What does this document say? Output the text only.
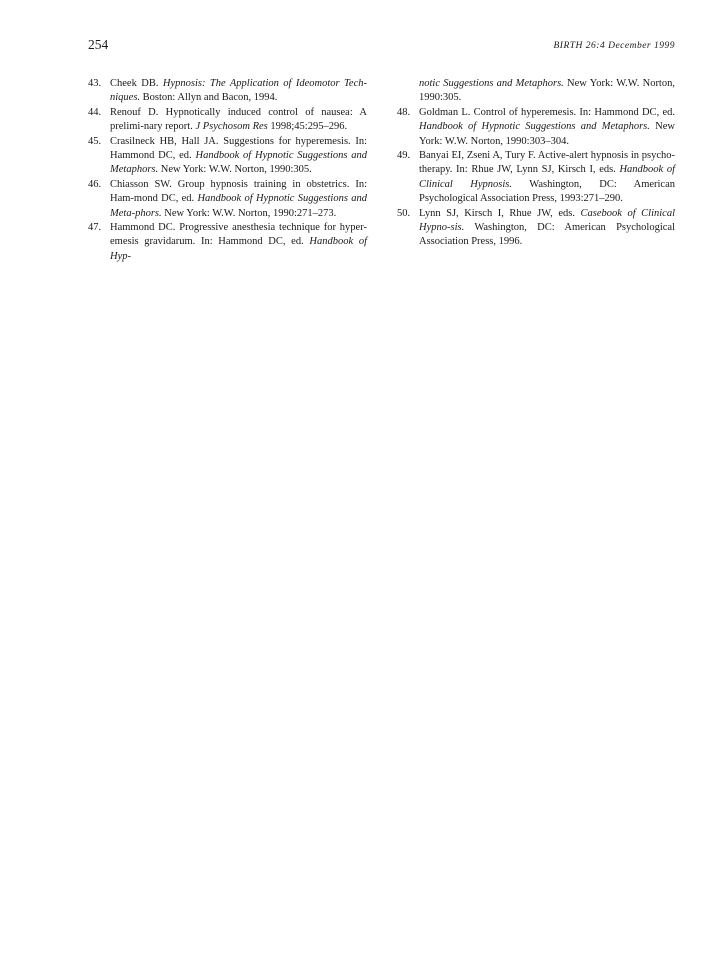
254	BIRTH 26:4 December 1999
43. Cheek DB. Hypnosis: The Application of Ideomotor Tech-niques. Boston: Allyn and Bacon, 1994.
44. Renouf D. Hypnotically induced control of nausea: A prelimi-nary report. J Psychosom Res 1998;45:295–296.
45. Crasilneck HB, Hall JA. Suggestions for hyperemesis. In: Hammond DC, ed. Handbook of Hypnotic Suggestions and Metaphors. New York: W.W. Norton, 1990:305.
46. Chiasson SW. Group hypnosis training in obstetrics. In: Ham-mond DC, ed. Handbook of Hypnotic Suggestions and Meta-phors. New York: W.W. Norton, 1990:271–273.
47. Hammond DC. Progressive anesthesia technique for hyper-emesis gravidarum. In: Hammond DC, ed. Handbook of Hyp-
notic Suggestions and Metaphors. New York: W.W. Norton, 1990:305.
48. Goldman L. Control of hyperemesis. In: Hammond DC, ed. Handbook of Hypnotic Suggestions and Metaphors. New York: W.W. Norton, 1990:303–304.
49. Banyai EI, Zseni A, Tury F. Active-alert hypnosis in psycho-therapy. In: Rhue JW, Lynn SJ, Kirsch I, eds. Handbook of Clinical Hypnosis. Washington, DC: American Psychological Association Press, 1993:271–290.
50. Lynn SJ, Kirsch I, Rhue JW, eds. Casebook of Clinical Hypno-sis. Washington, DC: American Psychological Association Press, 1996.
